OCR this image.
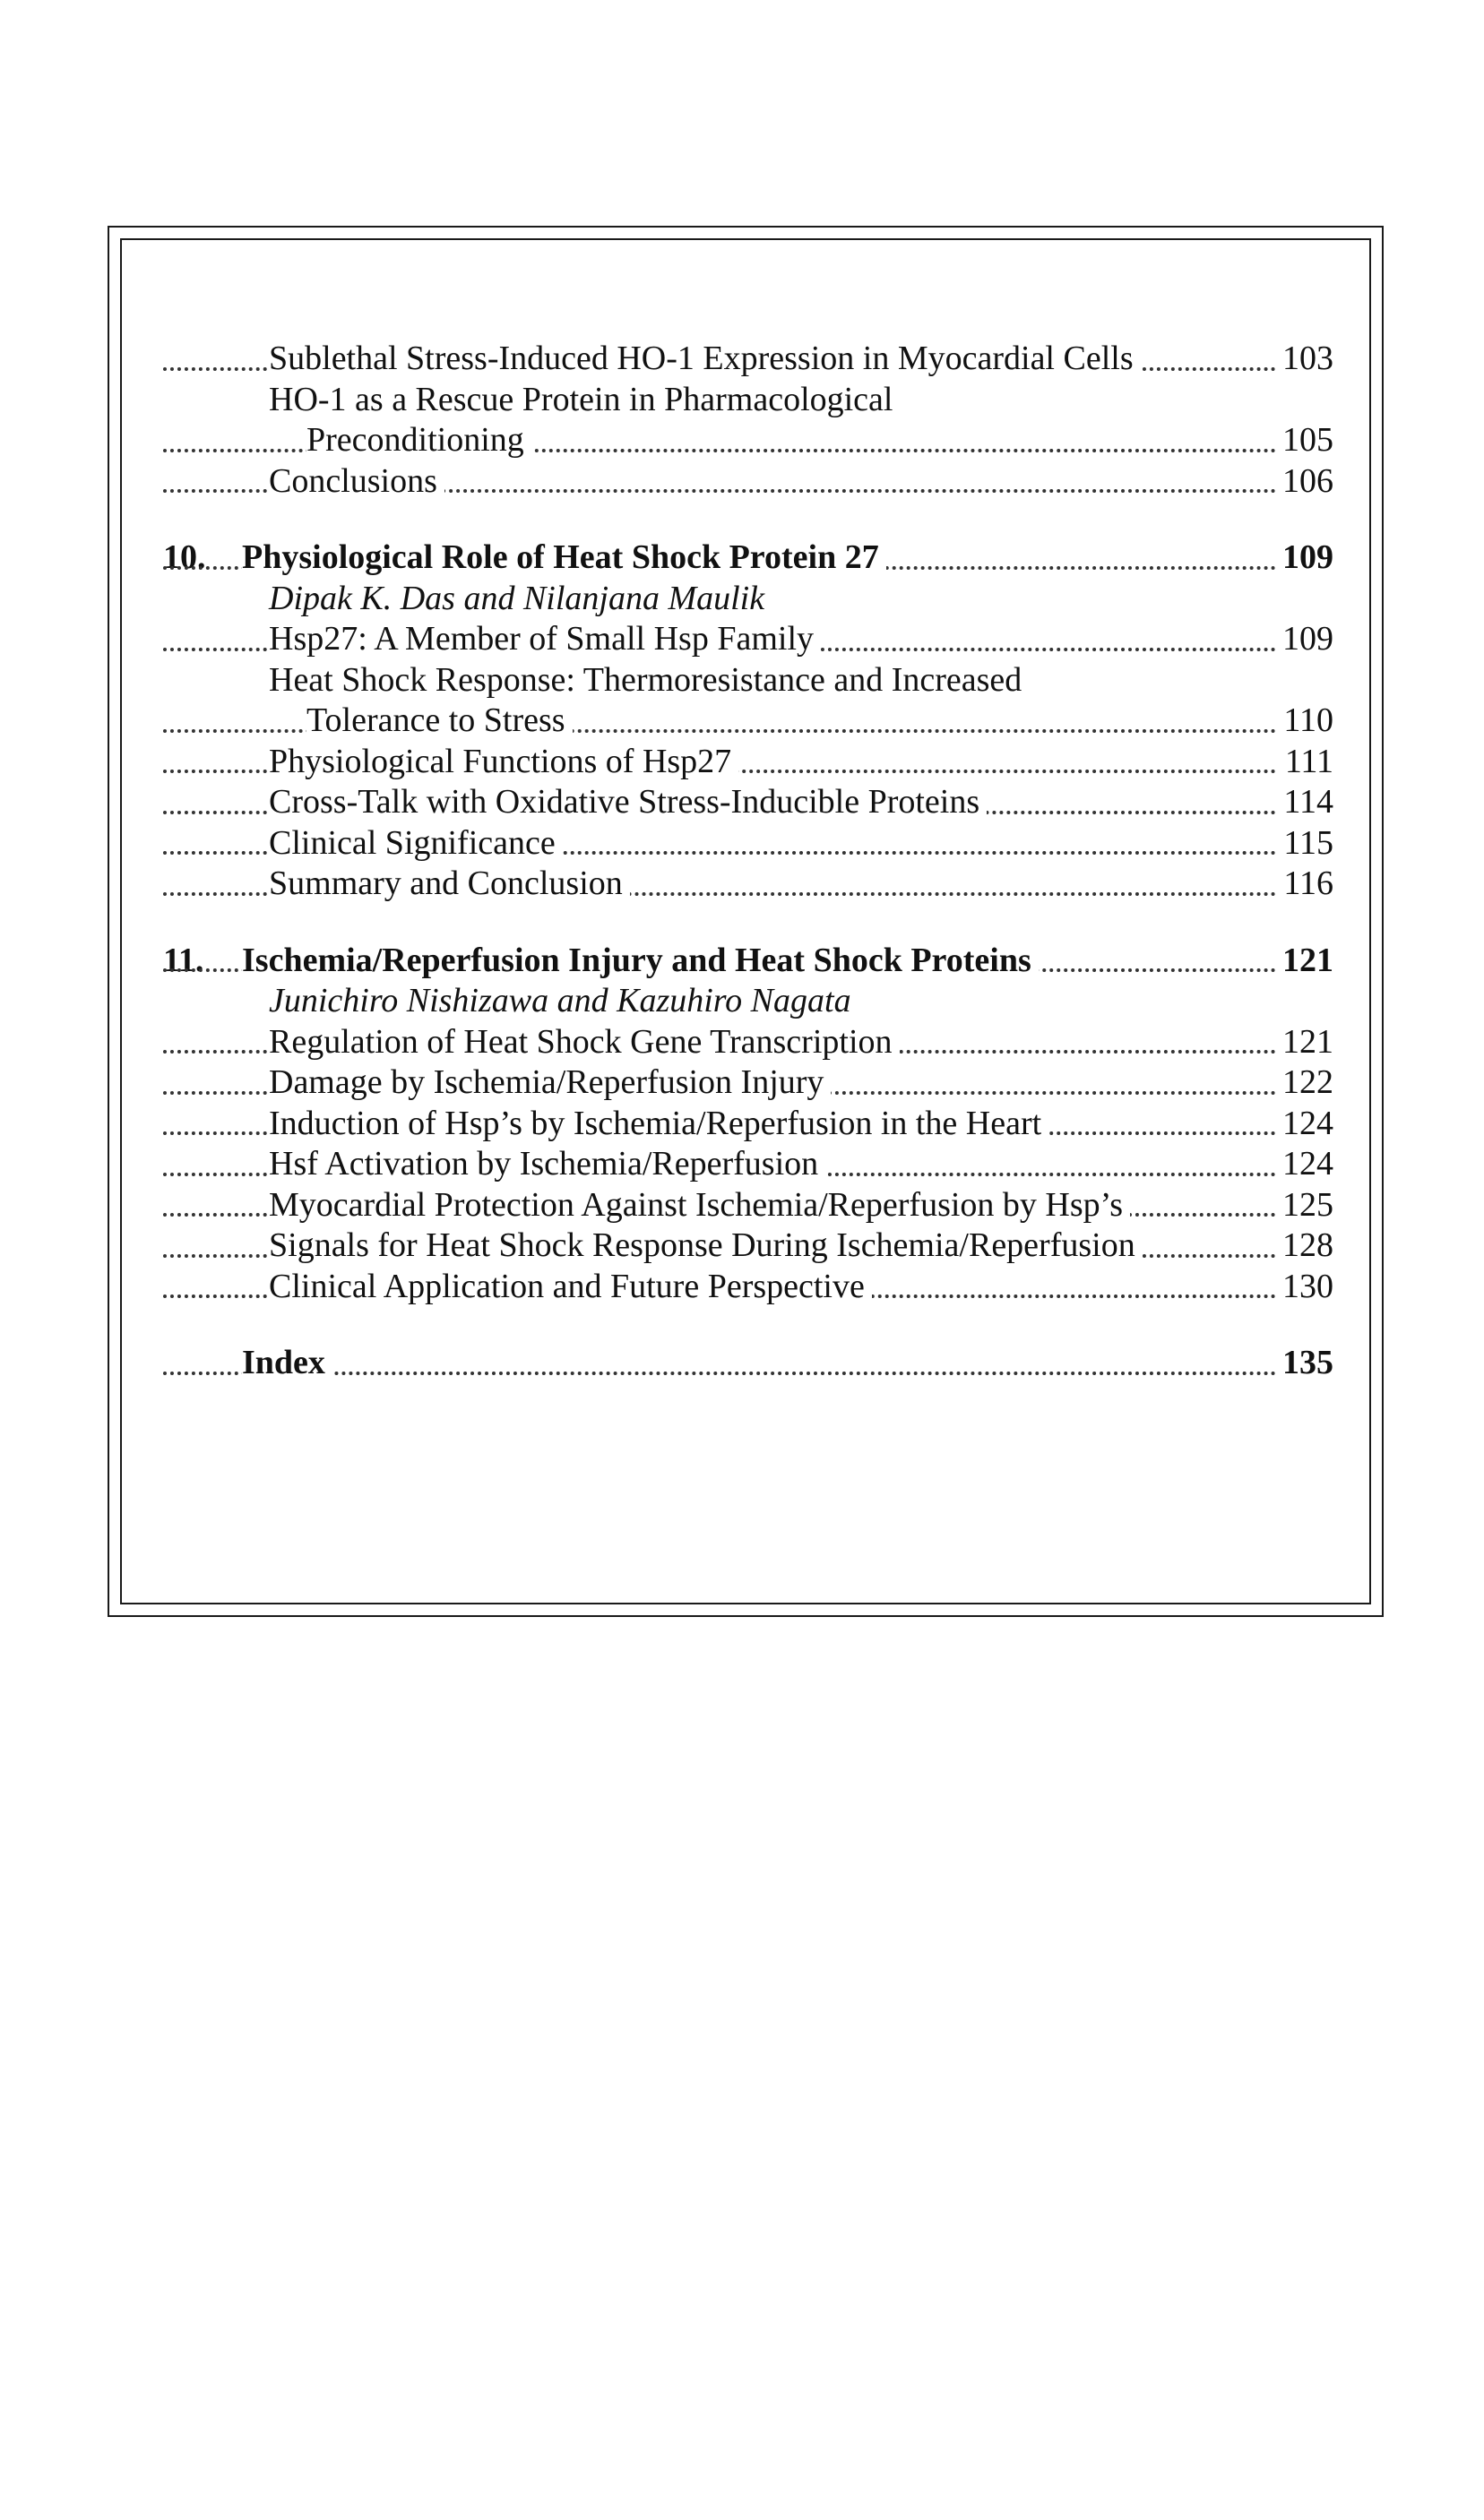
Sublethal Stress-Induced HO-1 Expression in Myocardial Cells	103
HO-1 as a Rescue Protein in Pharmacological
Preconditioning	105
Conclusions	106
10. Physiological Role of Heat Shock Protein 27	109
Dipak K. Das and Nilanjana Maulik
Hsp27: A Member of Small Hsp Family	109
Heat Shock Response: Thermoresistance and Increased
Tolerance to Stress	110
Physiological Functions of Hsp27	111
Cross-Talk with Oxidative Stress-Inducible Proteins	114
Clinical Significance	115
Summary and Conclusion	116
11. Ischemia/Reperfusion Injury and Heat Shock Proteins	121
Junichiro Nishizawa and Kazuhiro Nagata
Regulation of Heat Shock Gene Transcription	121
Damage by Ischemia/Reperfusion Injury	122
Induction of Hsp’s by Ischemia/Reperfusion in the Heart	124
Hsf Activation by Ischemia/Reperfusion	124
Myocardial Protection Against Ischemia/Reperfusion by Hsp’s	125
Signals for Heat Shock Response During Ischemia/Reperfusion	128
Clinical Application and Future Perspective	130
Index	135
